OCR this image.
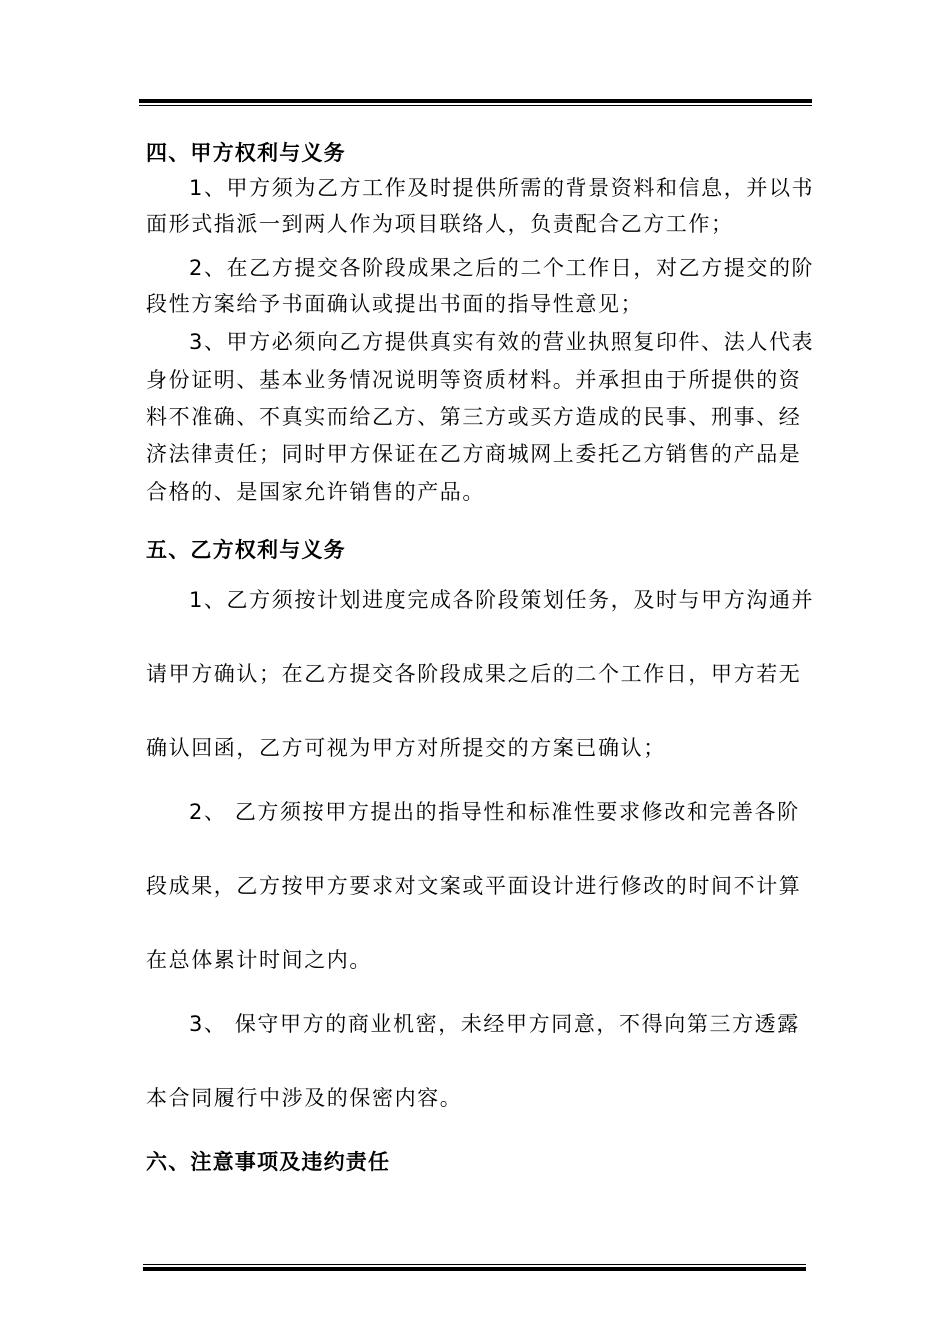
四、甲方权利与义务
1、甲方须为乙方工作及时提供所需的背景资料和信息，并以书
面形式指派一到两人作为项目联络人，负责配合乙方工作；
2、在乙方提交各阶段成果之后的二个工作日，对乙方提交的阶
段性方案给予书面确认或提出书面的指导性意见；
3、甲方必须向乙方提供真实有效的营业执照复印件、法人代表
身份证明、基本业务情况说明等资质材料。并承担由于所提供的资
料不准确、不真实而给乙方、第三方或买方造成的民事、刑事、经
济法律责任；同时甲方保证在乙方商城网上委托乙方销售的产品是
合格的、是国家允许销售的产品。
五、乙方权利与义务
1、乙方须按计划进度完成各阶段策划任务，及时与甲方沟通并
请甲方确认；在乙方提交各阶段成果之后的二个工作日，甲方若无
确认回函，乙方可视为甲方对所提交的方案已确认；
2、 乙方须按甲方提出的指导性和标准性要求修改和完善各阶
段成果，乙方按甲方要求对文案或平面设计进行修改的时间不计算
在总体累计时间之内。
3、 保守甲方的商业机密，未经甲方同意，不得向第三方透露
本合同履行中涉及的保密内容。
六、注意事项及违约责任
